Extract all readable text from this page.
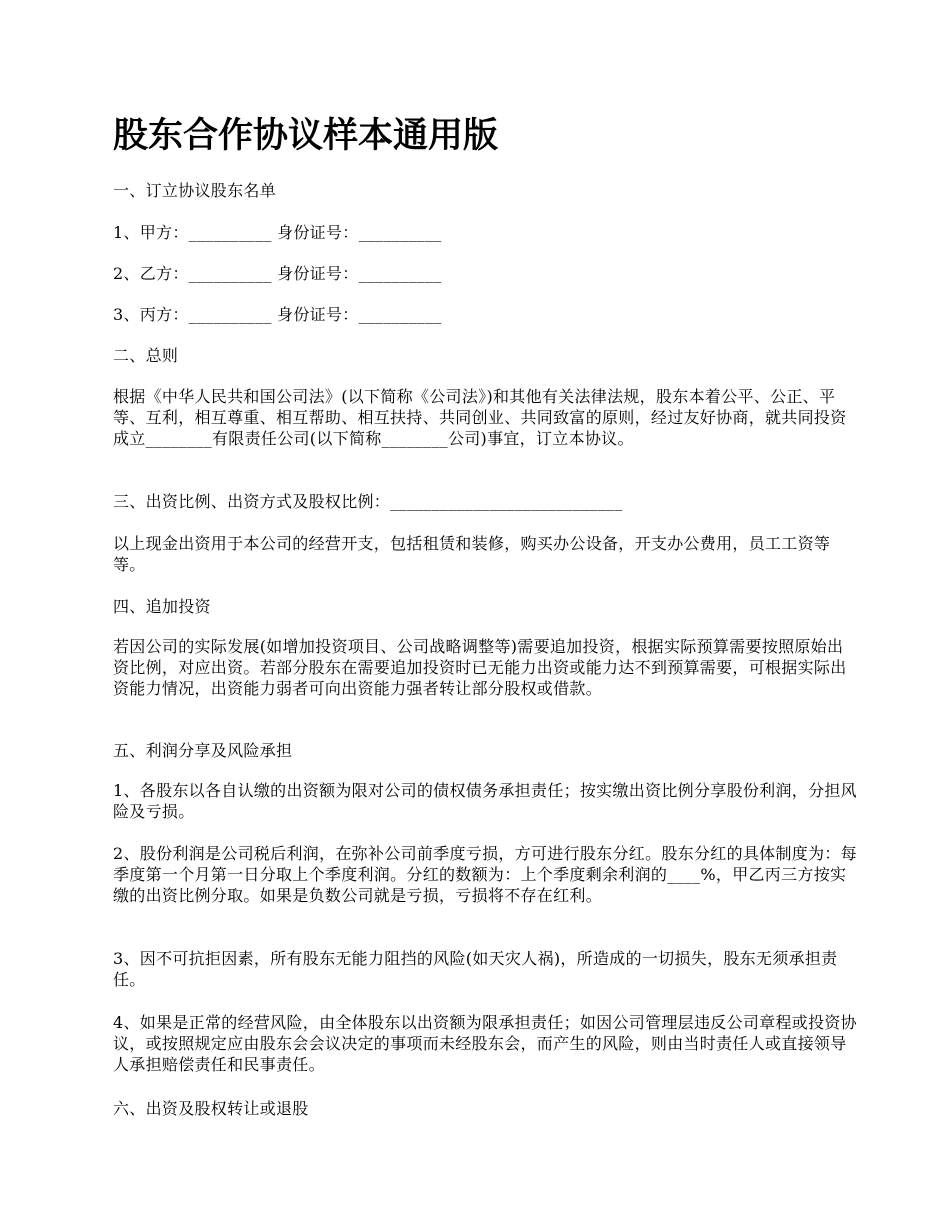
股东合作协议样本通用版

一、订立协议股东名单

1、甲方：__________ 身份证号：__________

2、乙方：__________ 身份证号：__________

3、丙方：__________ 身份证号：__________

二、总则

根据《中华人民共和国公司法》(以下简称《公司法》)和其他有关法律法规，股东本着公平、公正、平等、互利，相互尊重、相互帮助、相互扶持、共同创业、共同致富的原则，经过友好协商，就共同投资成立________有限责任公司(以下简称________公司)事宜，订立本协议。

三、出资比例、出资方式及股权比例：____________________________

以上现金出资用于本公司的经营开支，包括租赁和装修，购买办公设备，开支办公费用，员工工资等等。

四、追加投资

若因公司的实际发展(如增加投资项目、公司战略调整等)需要追加投资，根据实际预算需要按照原始出资比例，对应出资。若部分股东在需要追加投资时已无能力出资或能力达不到预算需要，可根据实际出资能力情况，出资能力弱者可向出资能力强者转让部分股权或借款。

五、利润分享及风险承担

1、各股东以各自认缴的出资额为限对公司的债权债务承担责任；按实缴出资比例分享股份利润，分担风险及亏损。

2、股份利润是公司税后利润，在弥补公司前季度亏损，方可进行股东分红。股东分红的具体制度为：每季度第一个月第一日分取上个季度利润。分红的数额为：上个季度剩余利润的____%，甲乙丙三方按实缴的出资比例分取。如果是负数公司就是亏损，亏损将不存在红利。

3、因不可抗拒因素，所有股东无能力阻挡的风险(如天灾人祸)，所造成的一切损失，股东无须承担责任。

4、如果是正常的经营风险，由全体股东以出资额为限承担责任；如因公司管理层违反公司章程或投资协议，或按照规定应由股东会会议决定的事项而未经股东会，而产生的风险，则由当时责任人或直接领导人承担赔偿责任和民事责任。

六、出资及股权转让或退股
